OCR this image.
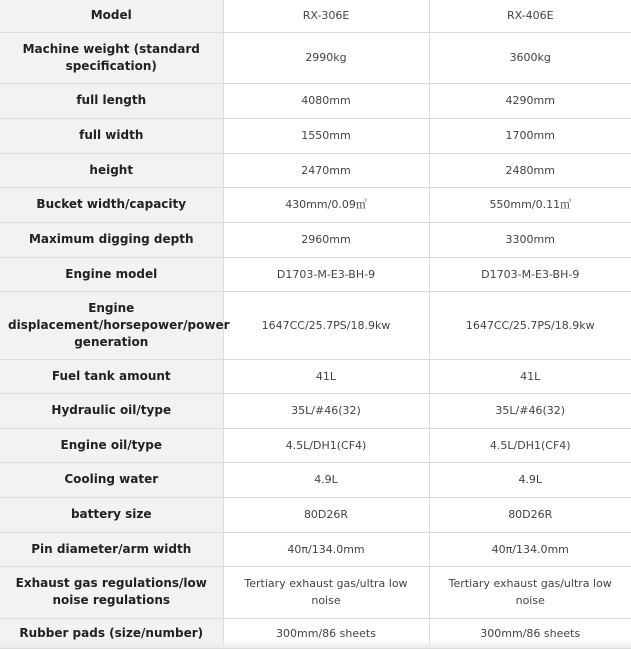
Model	RX-306E	RX-406E
Machine weight (standard specification)	2990kg	3600kg
full length	4080mm	4290mm
full width	1550mm	1700mm
height	2470mm	2480mm
Bucket width/capacity	430mm/0.09㎥	550mm/0.11㎥
Maximum digging depth	2960mm	3300mm
Engine model	D1703-M-E3-BH-9	D1703-M-E3-BH-9
Engine displacement/horsepower/power generation	1647CC/25.7PS/18.9kw	1647CC/25.7PS/18.9kw
Fuel tank amount	41L	41L
Hydraulic oil/type	35L/#46(32)	35L/#46(32)
Engine oil/type	4.5L/DH1(CF4)	4.5L/DH1(CF4)
Cooling water	4.9L	4.9L
battery size	80D26R	80D26R
Pin diameter/arm width	40π/134.0mm	40π/134.0mm
Exhaust gas regulations/low noise regulations	Tertiary exhaust gas/ultra low noise	Tertiary exhaust gas/ultra low noise
Rubber pads (size/number)	300mm/86 sheets	300mm/86 sheets
